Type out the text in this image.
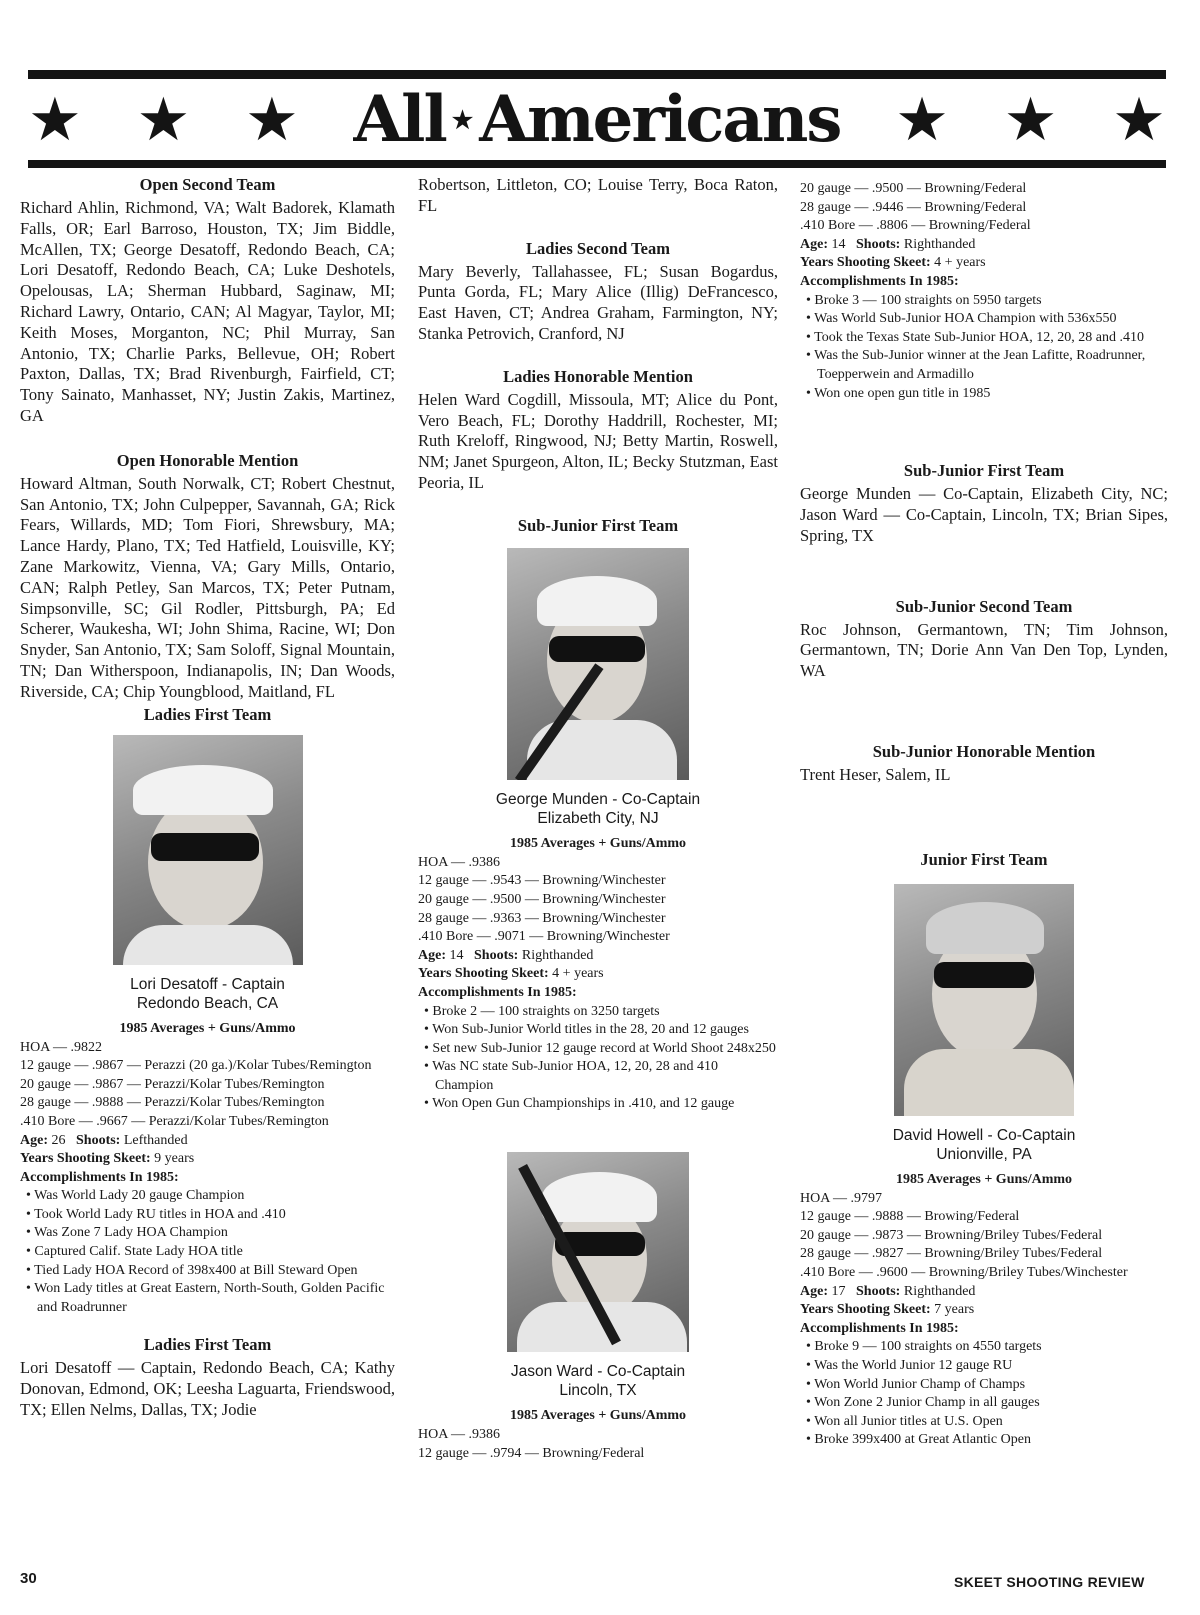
★ ★ ★ All ★ Americans ★ ★ ★

Open Second Team

Richard Ahlin, Richmond, VA; Walt Badorek, Klamath Falls, OR; Earl Barroso, Houston, TX; Jim Biddle, McAllen, TX; George Desatoff, Redondo Beach, CA; Lori Desatoff, Redondo Beach, CA; Luke Deshotels, Opelousas, LA; Sherman Hubbard, Saginaw, MI; Richard Lawry, Ontario, CAN; Al Magyar, Taylor, MI; Keith Moses, Morganton, NC; Phil Murray, San Antonio, TX; Charlie Parks, Bellevue, OH; Robert Paxton, Dallas, TX; Brad Rivenburgh, Fairfield, CT; Tony Sainato, Manhasset, NY; Justin Zakis, Martinez, GA

Open Honorable Mention

Howard Altman, South Norwalk, CT; Robert Chestnut, San Antonio, TX; John Culpepper, Savannah, GA; Rick Fears, Willards, MD; Tom Fiori, Shrewsbury, MA; Lance Hardy, Plano, TX; Ted Hatfield, Louisville, KY; Zane Markowitz, Vienna, VA; Gary Mills, Ontario, CAN; Ralph Petley, San Marcos, TX; Peter Putnam, Simpsonville, SC; Gil Rodler, Pittsburgh, PA; Ed Scherer, Waukesha, WI; John Shima, Racine, WI; Don Snyder, San Antonio, TX; Sam Soloff, Signal Mountain, TN; Dan Witherspoon, Indianapolis, IN; Dan Woods, Riverside, CA; Chip Youngblood, Maitland, FL

Ladies First Team

Lori Desatoff - Captain
Redondo Beach, CA

1985 Averages + Guns/Ammo

HOA — .9822

12 gauge — .9867 — Perazzi (20 ga.)/Kolar Tubes/Remington

20 gauge — .9867 — Perazzi/Kolar Tubes/Remington

28 gauge — .9888 — Perazzi/Kolar Tubes/Remington

.410 Bore — .9667 — Perazzi/Kolar Tubes/Remington

Age: 26 Shoots: Lefthanded

Years Shooting Skeet: 9 years

Accomplishments In 1985:

• Was World Lady 20 gauge Champion
• Took World Lady RU titles in HOA and .410
• Was Zone 7 Lady HOA Champion
• Captured Calif. State Lady HOA title
• Tied Lady HOA Record of 398x400 at Bill Steward Open
• Won Lady titles at Great Eastern, North-South, Golden Pacific and Roadrunner

Ladies First Team

Lori Desatoff — Captain, Redondo Beach, CA; Kathy Donovan, Edmond, OK; Leesha Laguarta, Friendswood, TX; Ellen Nelms, Dallas, TX; Jodie

Robertson, Littleton, CO; Louise Terry, Boca Raton, FL

Ladies Second Team

Mary Beverly, Tallahassee, FL; Susan Bogardus, Punta Gorda, FL; Mary Alice (Illig) DeFrancesco, East Haven, CT; Andrea Graham, Farmington, NY; Stanka Petrovich, Cranford, NJ

Ladies Honorable Mention

Helen Ward Cogdill, Missoula, MT; Alice du Pont, Vero Beach, FL; Dorothy Haddrill, Rochester, MI; Ruth Kreloff, Ringwood, NJ; Betty Martin, Roswell, NM; Janet Spurgeon, Alton, IL; Becky Stutzman, East Peoria, IL

Sub-Junior First Team

George Munden - Co-Captain
Elizabeth City, NJ

1985 Averages + Guns/Ammo

HOA — .9386

12 gauge — .9543 — Browning/Winchester

20 gauge — .9500 — Browning/Winchester

28 gauge — .9363 — Browning/Winchester

.410 Bore — .9071 — Browning/Winchester

Age: 14 Shoots: Righthanded

Years Shooting Skeet: 4 + years

Accomplishments In 1985:

• Broke 2 — 100 straights on 3250 targets
• Won Sub-Junior World titles in the 28, 20 and 12 gauges
• Set new Sub-Junior 12 gauge record at World Shoot 248x250
• Was NC state Sub-Junior HOA, 12, 20, 28 and 410 Champion
• Won Open Gun Championships in .410, and 12 gauge
Jason Ward - Co-Captain
Lincoln, TX

1985 Averages + Guns/Ammo

HOA — .9386

12 gauge — .9794 — Browning/Federal

20 gauge — .9500 — Browning/Federal

28 gauge — .9446 — Browning/Federal

.410 Bore — .8806 — Browning/Federal

Age: 14 Shoots: Righthanded

Years Shooting Skeet: 4 + years

Accomplishments In 1985:

• Broke 3 — 100 straights on 5950 targets
• Was World Sub-Junior HOA Champion with 536x550
• Took the Texas State Sub-Junior HOA, 12, 20, 28 and .410
• Was the Sub-Junior winner at the Jean Lafitte, Roadrunner, Toepperwein and Armadillo
• Won one open gun title in 1985

Sub-Junior First Team

George Munden — Co-Captain, Elizabeth City, NC; Jason Ward — Co-Captain, Lincoln, TX; Brian Sipes, Spring, TX

Sub-Junior Second Team

Roc Johnson, Germantown, TN; Tim Johnson, Germantown, TN; Dorie Ann Van Den Top, Lynden, WA

Sub-Junior Honorable Mention

Trent Heser, Salem, IL

Junior First Team

David Howell - Co-Captain
Unionville, PA

1985 Averages + Guns/Ammo

HOA — .9797

12 gauge — .9888 — Browing/Federal

20 gauge — .9873 — Browning/Briley Tubes/Federal

28 gauge — .9827 — Browning/Briley Tubes/Federal

.410 Bore — .9600 — Browning/Briley Tubes/Winchester

Age: 17 Shoots: Righthanded

Years Shooting Skeet: 7 years

Accomplishments In 1985:

• Broke 9 — 100 straights on 4550 targets
• Was the World Junior 12 gauge RU
• Won World Junior Champ of Champs
• Won Zone 2 Junior Champ in all gauges
• Won all Junior titles at U.S. Open
• Broke 399x400 at Great Atlantic Open
30	SKEET SHOOTING REVIEW
